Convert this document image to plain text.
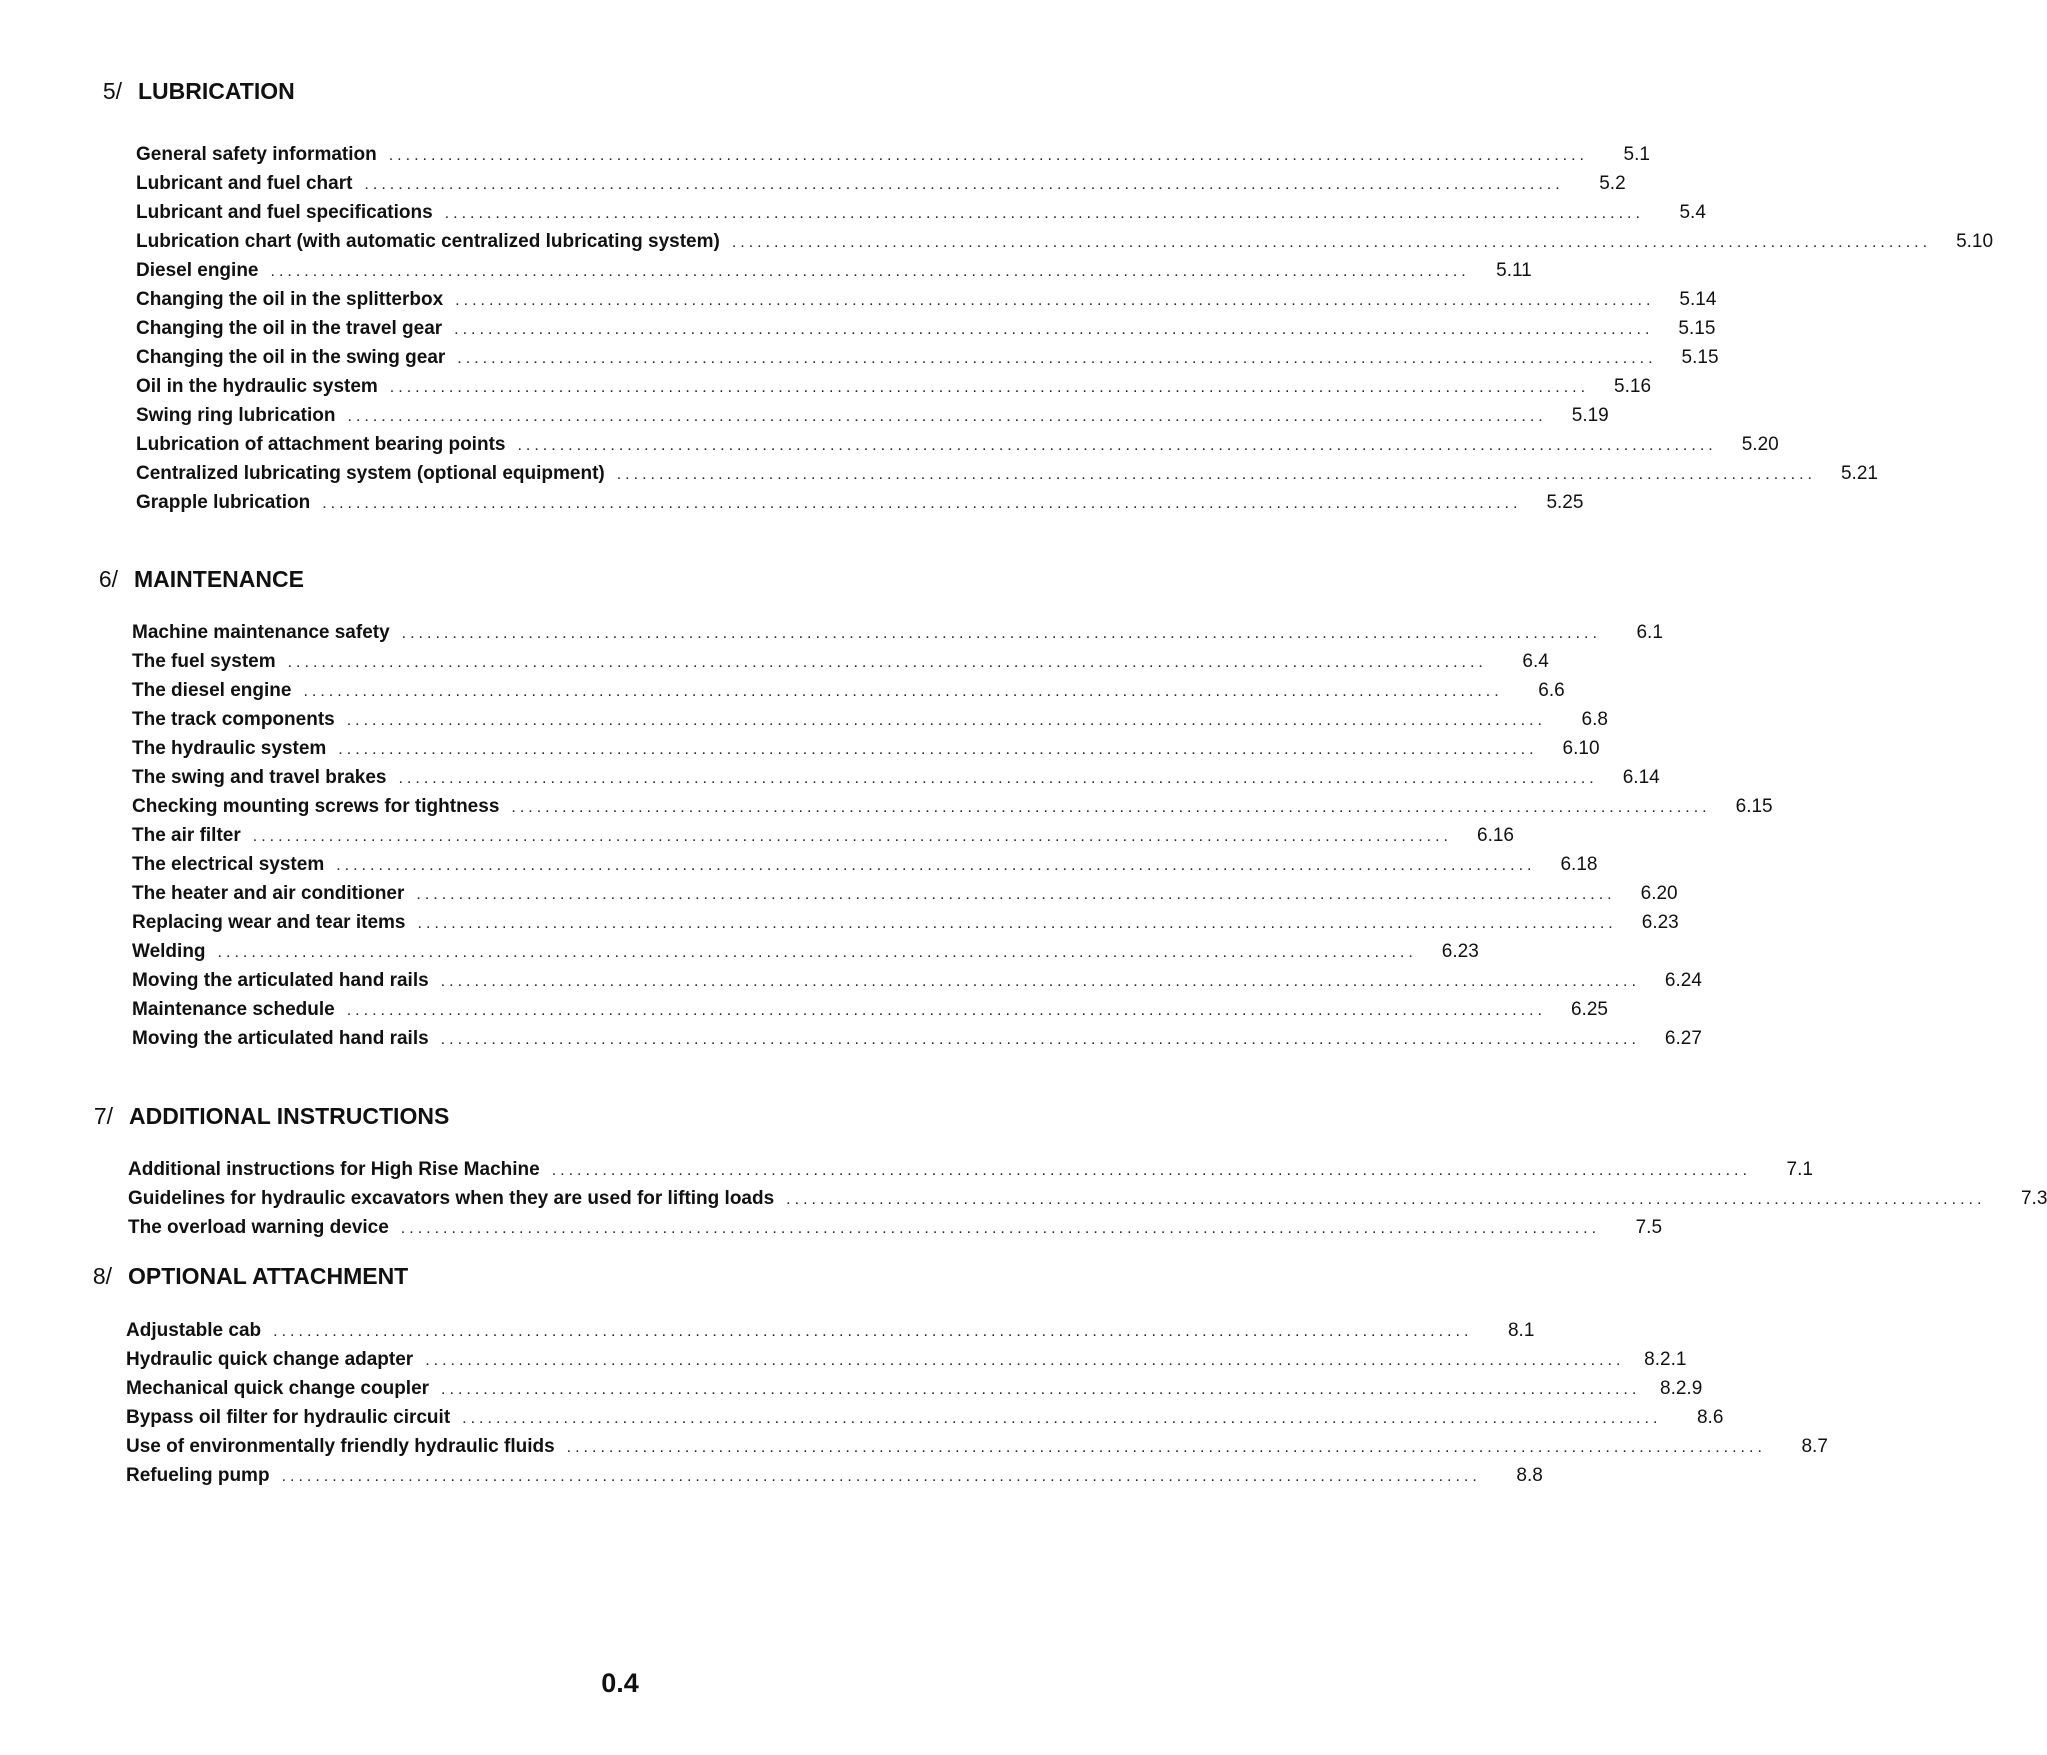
5/ LUBRICATION
General safety information ..............................................................................................................................................	5.1
Lubricant and fuel chart ..............................................................................................................................................	5.2
Lubricant and fuel specifications ..............................................................................................................................................	5.4
Lubrication chart (with automatic centralized lubricating system) ..............................................................................................................................................	5.10
Diesel engine ..............................................................................................................................................	5.11
Changing the oil in the splitterbox ..............................................................................................................................................	5.14
Changing the oil in the travel gear ..............................................................................................................................................	5.15
Changing the oil in the swing gear ..............................................................................................................................................	5.15
Oil in the hydraulic system ..............................................................................................................................................	5.16
Swing ring lubrication ..............................................................................................................................................	5.19
Lubrication of attachment bearing points ..............................................................................................................................................	5.20
Centralized lubricating system (optional equipment) ..............................................................................................................................................	5.21
Grapple lubrication ..............................................................................................................................................	5.25
6/ MAINTENANCE
Machine maintenance safety ..............................................................................................................................................	6.1
The fuel system ..............................................................................................................................................	6.4
The diesel engine ..............................................................................................................................................	6.6
The track components ..............................................................................................................................................	6.8
The hydraulic system ..............................................................................................................................................	6.10
The swing and travel brakes ..............................................................................................................................................	6.14
Checking mounting screws for tightness ..............................................................................................................................................	6.15
The air filter ..............................................................................................................................................	6.16
The electrical system ..............................................................................................................................................	6.18
The heater and air conditioner ..............................................................................................................................................	6.20
Replacing wear and tear items ..............................................................................................................................................	6.23
Welding ..............................................................................................................................................	6.23
Moving the articulated hand rails ..............................................................................................................................................	6.24
Maintenance schedule ..............................................................................................................................................	6.25
Moving the articulated hand rails ..............................................................................................................................................	6.27
7/ ADDITIONAL INSTRUCTIONS
Additional instructions for High Rise Machine ..............................................................................................................................................	7.1
Guidelines for hydraulic excavators when they are used for lifting loads ..............................................................................................................................................	7.3
The overload warning device ..............................................................................................................................................	7.5
8/ OPTIONAL ATTACHMENT
Adjustable cab ..............................................................................................................................................	8.1
Hydraulic quick change adapter ..............................................................................................................................................	8.2.1
Mechanical quick change coupler ..............................................................................................................................................	8.2.9
Bypass oil filter for hydraulic circuit ..............................................................................................................................................	8.6
Use of environmentally friendly hydraulic fluids ..............................................................................................................................................	8.7
Refueling pump ..............................................................................................................................................	8.8
0.4
